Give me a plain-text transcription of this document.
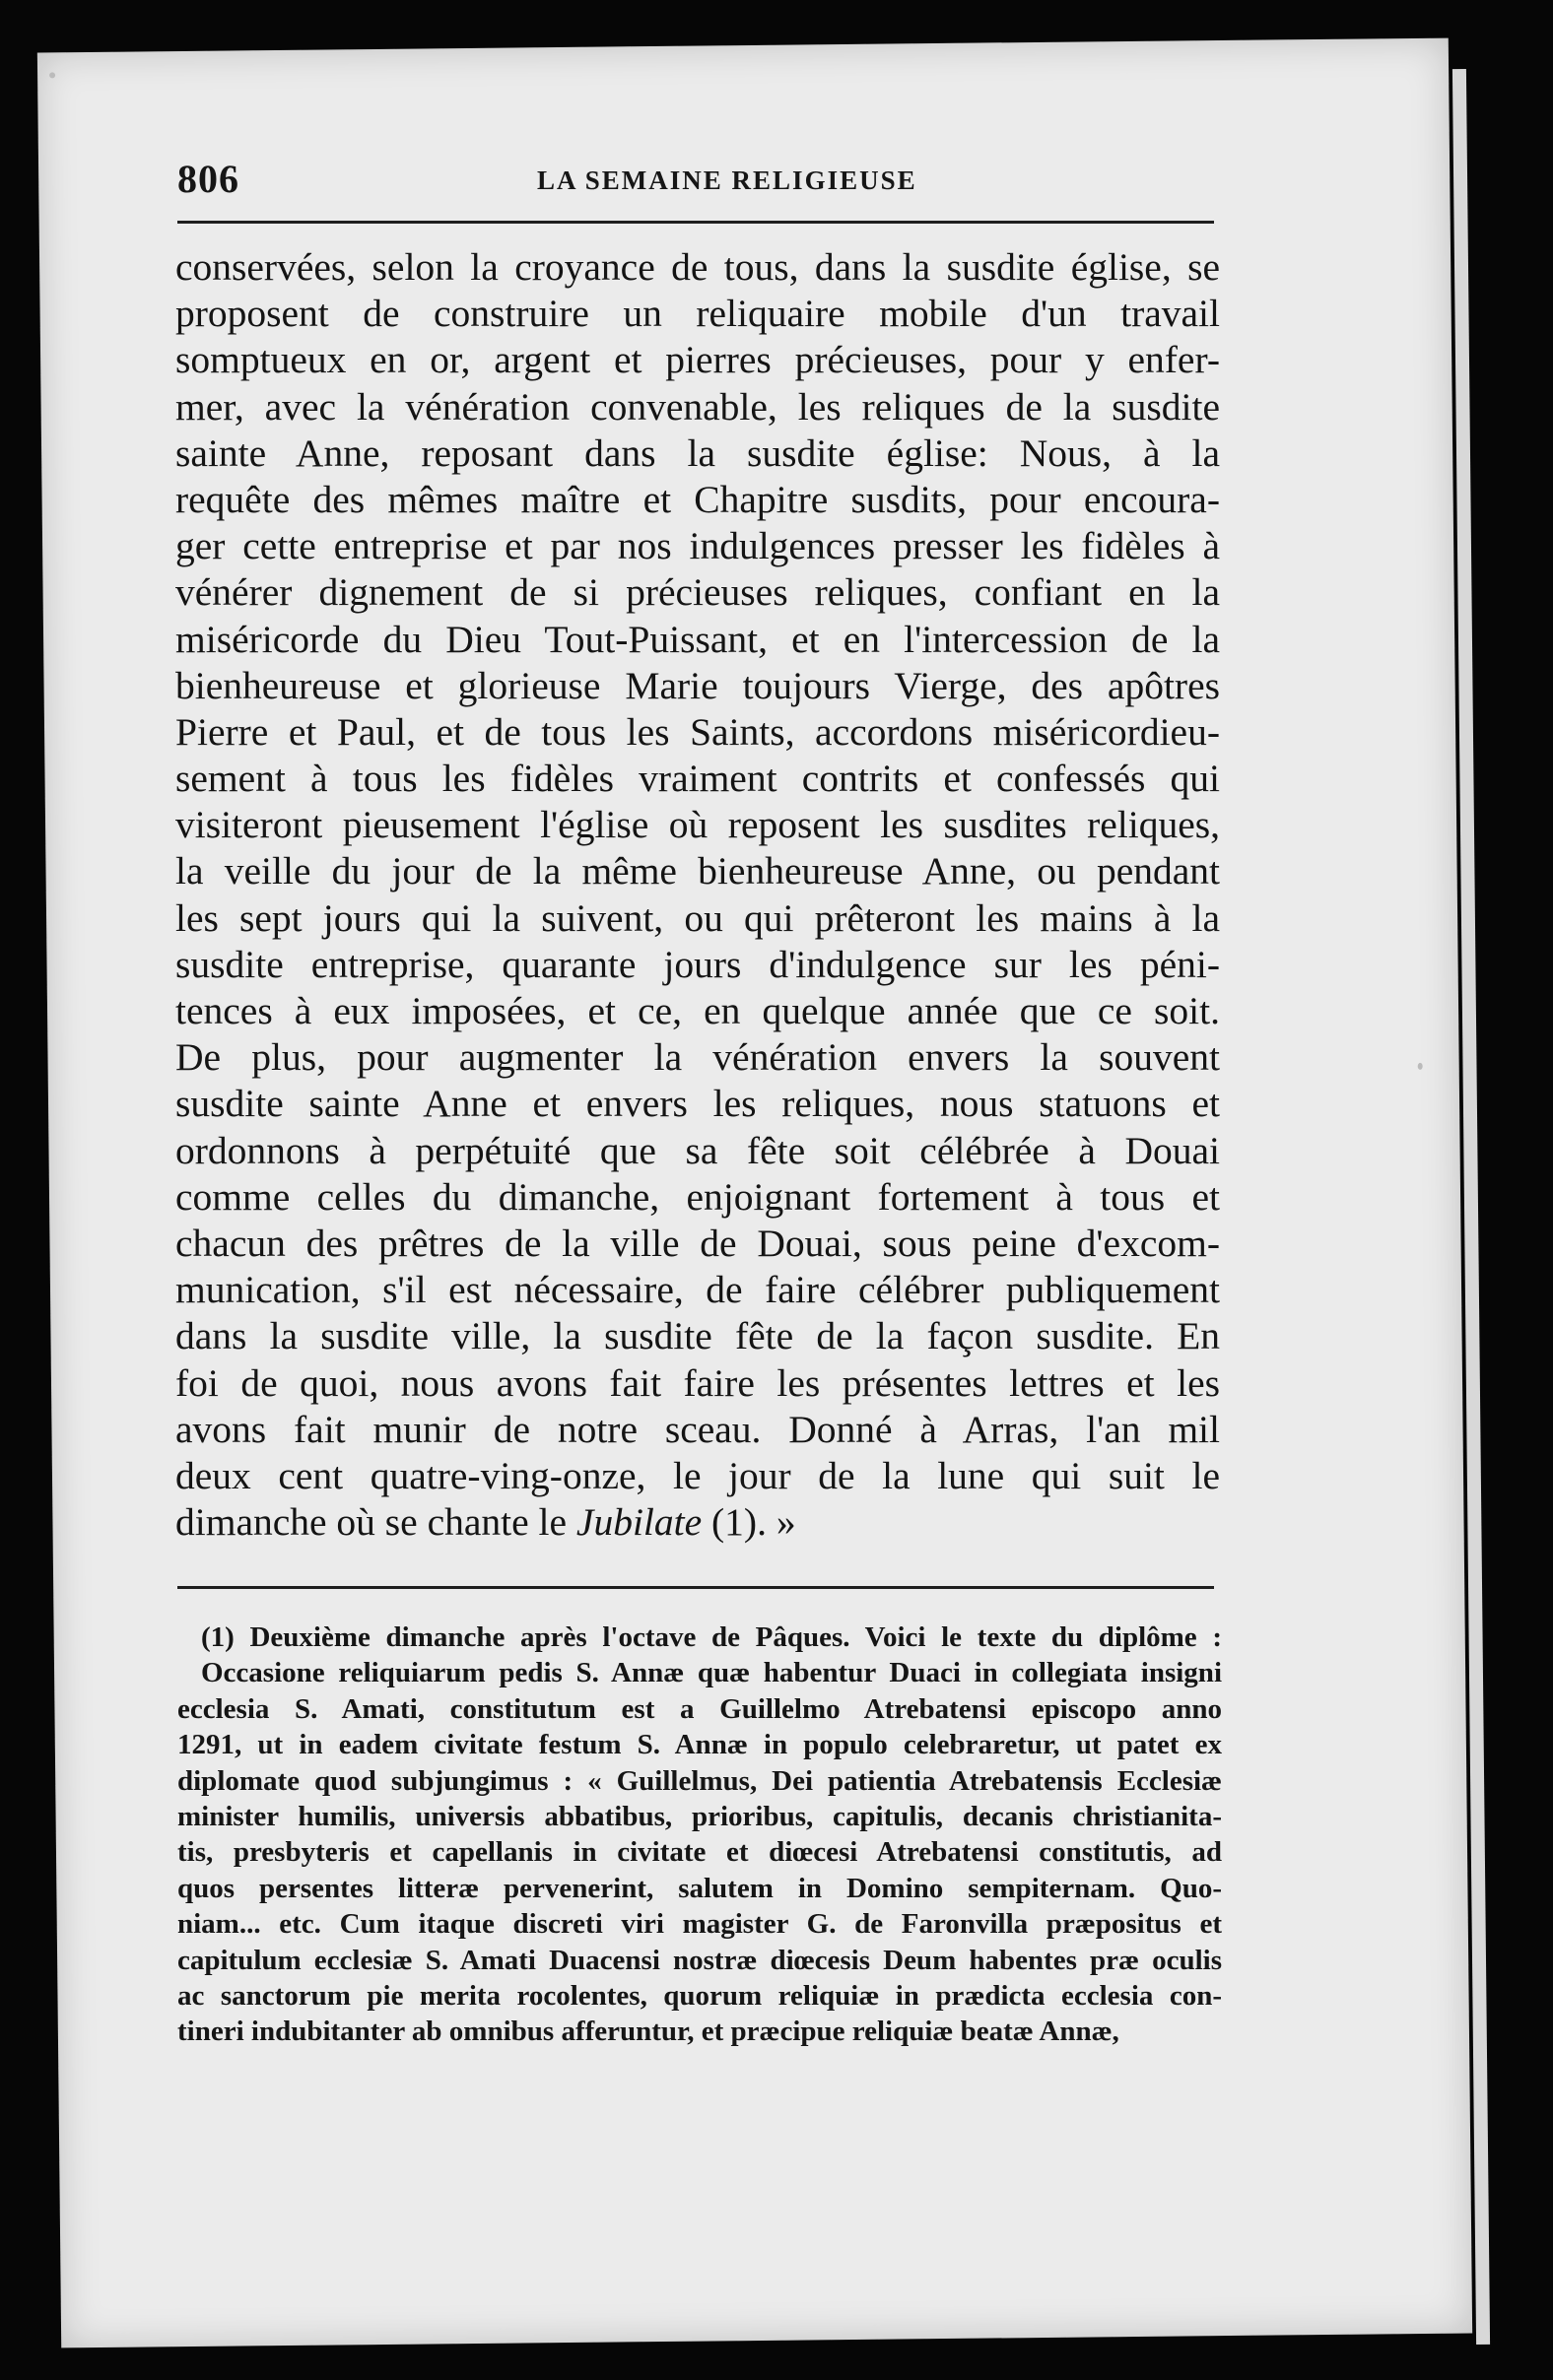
806	LA SEMAINE RELIGIEUSE

conservées, selon la croyance de tous, dans la susdite église, se
proposent de construire un reliquaire mobile d'un travail
somptueux en or, argent et pierres précieuses, pour y enfer-
mer, avec la vénération convenable, les reliques de la susdite
sainte Anne, reposant dans la susdite église: Nous, à la
requête des mêmes maître et Chapitre susdits, pour encoura-
ger cette entreprise et par nos indulgences presser les fidèles à
vénérer dignement de si précieuses reliques, confiant en la
miséricorde du Dieu Tout-Puissant, et en l'intercession de la
bienheureuse et glorieuse Marie toujours Vierge, des apôtres
Pierre et Paul, et de tous les Saints, accordons miséricordieu-
sement à tous les fidèles vraiment contrits et confessés qui
visiteront pieusement l'église où reposent les susdites reliques,
la veille du jour de la même bienheureuse Anne, ou pendant
les sept jours qui la suivent, ou qui prêteront les mains à la
susdite entreprise, quarante jours d'indulgence sur les péni-
tences à eux imposées, et ce, en quelque année que ce soit.
De plus, pour augmenter la vénération envers la souvent
susdite sainte Anne et envers les reliques, nous statuons et
ordonnons à perpétuité que sa fête soit célébrée à Douai
comme celles du dimanche, enjoignant fortement à tous et
chacun des prêtres de la ville de Douai, sous peine d'excom-
munication, s'il est nécessaire, de faire célébrer publiquement
dans la susdite ville, la susdite fête de la façon susdite. En
foi de quoi, nous avons fait faire les présentes lettres et les
avons fait munir de notre sceau. Donné à Arras, l'an mil
deux cent quatre-ving-onze, le jour de la lune qui suit le
dimanche où se chante le Jubilate (1). »

(1) Deuxième dimanche après l'octave de Pâques. Voici le texte du diplôme :
Occasione reliquiarum pedis S. Annæ quæ habentur Duaci in collegiata insigni
ecclesia S. Amati, constitutum est a Guillelmo Atrebatensi episcopo anno
1291, ut in eadem civitate festum S. Annæ in populo celebraretur, ut patet ex
diplomate quod subjungimus : « Guillelmus, Dei patientia Atrebatensis Ecclesiæ
minister humilis, universis abbatibus, prioribus, capitulis, decanis christianita-
tis, presbyteris et capellanis in civitate et diœcesi Atrebatensi constitutis, ad
quos persentes litteræ pervenerint, salutem in Domino sempiternam. Quo-
niam... etc. Cum itaque discreti viri magister G. de Faronvilla præpositus et
capitulum ecclesiæ S. Amati Duacensi nostræ diœcesis Deum habentes præ oculis
ac sanctorum pie merita rocolentes, quorum reliquiæ in prædicta ecclesia con-
tineri indubitanter ab omnibus afferuntur, et præcipue reliquiæ beatæ Annæ,
